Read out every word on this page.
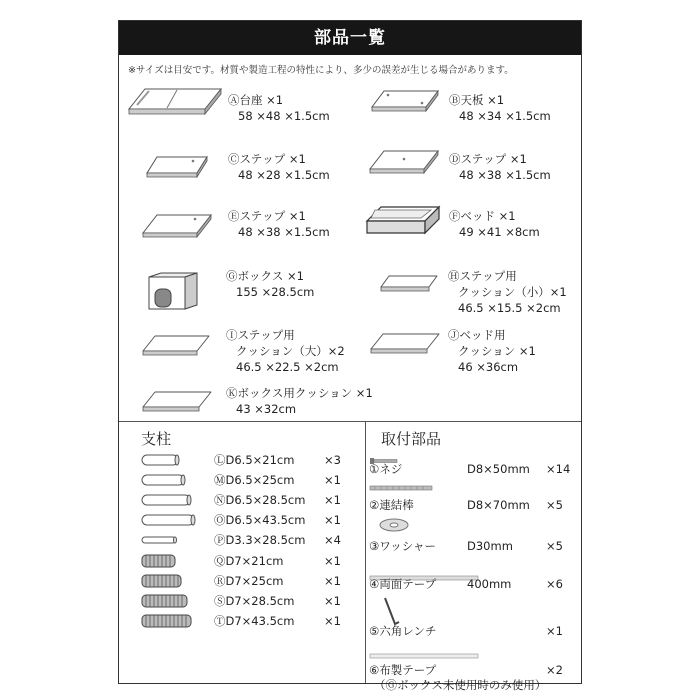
部品一覧
※サイズは目安です。材質や製造工程の特性により、多少の誤差が生じる場合があります。
Ⓐ台座 ×1
58 ×48 ×1.5cm
Ⓑ天板 ×1
48 ×34 ×1.5cm
Ⓒステップ ×1
48 ×28 ×1.5cm
Ⓓステップ ×1
48 ×38 ×1.5cm
Ⓔステップ ×1
48 ×38 ×1.5cm
Ⓕベッド ×1
49 ×41 ×8cm
Ⓖボックス ×1
155 ×28.5cm
Ⓗステップ用
クッション（小）×1
46.5 ×15.5 ×2cm
Ⓘステップ用
クッション（大）×2
46.5 ×22.5 ×2cm
Ⓙベッド用
クッション ×1
46 ×36cm
Ⓚボックス用クッション ×1
43 ×32cm
支柱
ⓁD6.5×21cm	×3
ⓂD6.5×25cm	×1
ⓃD6.5×28.5cm ×1
ⓄD6.5×43.5cm ×1
ⓅD3.3×28.5cm ×4
ⓆD7×21cm	×1
ⓇD7×25cm	×1
ⓈD7×28.5cm	×1
ⓉD7×43.5cm	×1
取付部品
①ネジ	D8×50mm ×14
②連結棒	D8×70mm ×5
③ワッシャー	D30mm	×5
④両面テープ	400mm	×6
⑤六角レンチ	×1
⑥布製テープ	×2
（Ⓖボックス未使用時のみ使用）
